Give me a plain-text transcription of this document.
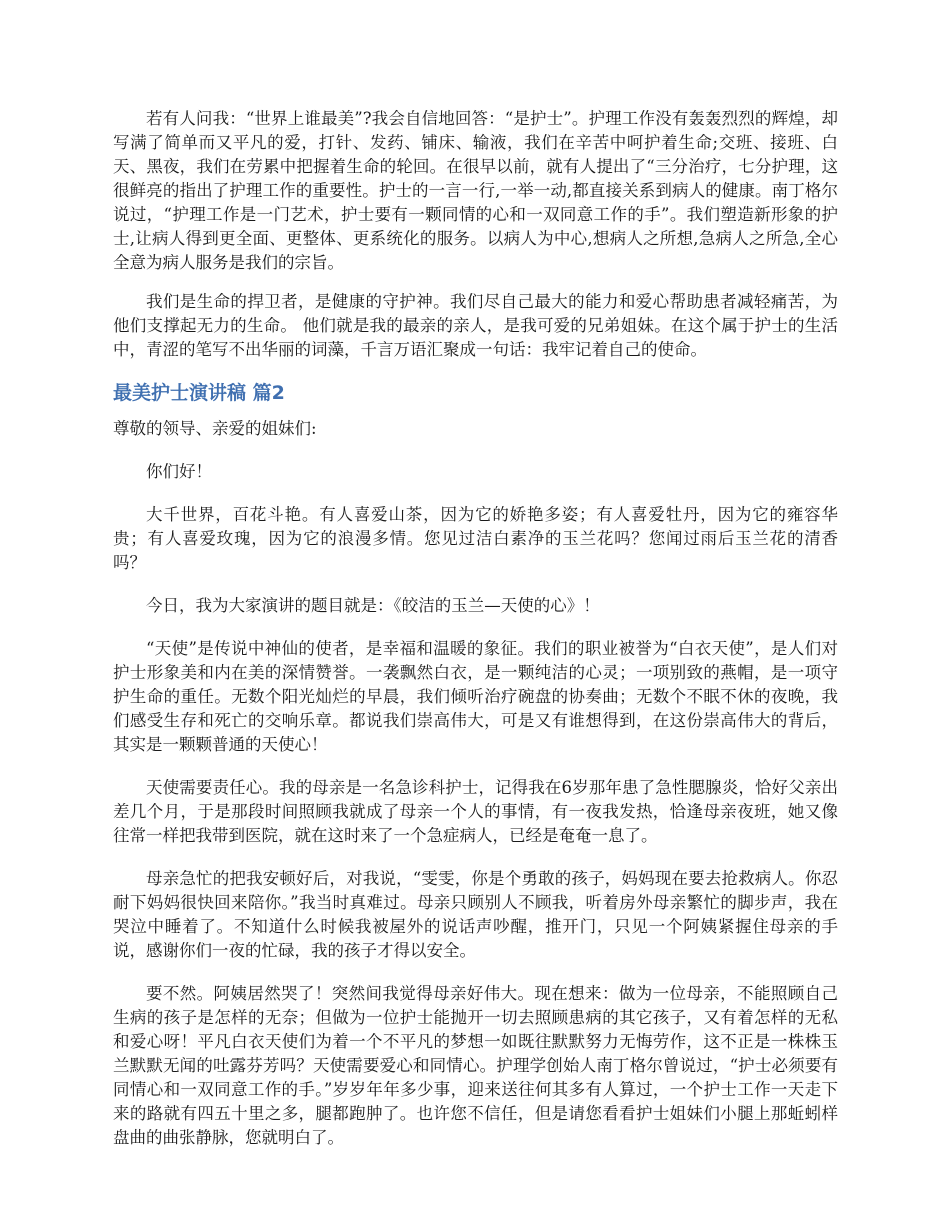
若有人问我：“世界上谁最美”?我会自信地回答：“是护士”。护理工作没有轰轰烈烈的辉煌，却写满了简单而又平凡的爱，打针、发药、铺床、输液，我们在辛苦中呵护着生命;交班、接班、白天、黑夜，我们在劳累中把握着生命的轮回。在很早以前，就有人提出了“三分治疗，七分护理，这很鲜亮的指出了护理工作的重要性。护士的一言一行,一举一动,都直接关系到病人的健康。南丁格尔说过，“护理工作是一门艺术，护士要有一颗同情的心和一双同意工作的手”。我们塑造新形象的护士,让病人得到更全面、更整体、更系统化的服务。以病人为中心,想病人之所想,急病人之所急,全心全意为病人服务是我们的宗旨。

我们是生命的捍卫者，是健康的守护神。我们尽自己最大的能力和爱心帮助患者减轻痛苦，为他们支撑起无力的生命。 他们就是我的最亲的亲人，是我可爱的兄弟姐妹。在这个属于护士的生活中，青涩的笔写不出华丽的词藻，千言万语汇聚成一句话：我牢记着自己的使命。

最美护士演讲稿 篇2

尊敬的领导、亲爱的姐妹们:

你们好！

大千世界，百花斗艳。有人喜爱山茶，因为它的娇艳多姿；有人喜爱牡丹，因为它的雍容华贵；有人喜爱玫瑰，因为它的浪漫多情。您见过洁白素净的玉兰花吗？您闻过雨后玉兰花的清香吗？

今日，我为大家演讲的题目就是：《皎洁的玉兰—天使的心》！

“天使”是传说中神仙的使者，是幸福和温暖的象征。我们的职业被誉为“白衣天使”，是人们对护士形象美和内在美的深情赞誉。一袭飘然白衣，是一颗纯洁的心灵；一项别致的燕帽，是一项守护生命的重任。无数个阳光灿烂的早晨，我们倾听治疗碗盘的协奏曲；无数个不眠不休的夜晚，我们感受生存和死亡的交响乐章。都说我们崇高伟大，可是又有谁想得到，在这份崇高伟大的背后，其实是一颗颗普通的天使心！

天使需要责任心。我的母亲是一名急诊科护士，记得我在6岁那年患了急性腮腺炎，恰好父亲出差几个月，于是那段时间照顾我就成了母亲一个人的事情，有一夜我发热，恰逢母亲夜班，她又像往常一样把我带到医院，就在这时来了一个急症病人，已经是奄奄一息了。

母亲急忙的把我安顿好后，对我说，“雯雯，你是个勇敢的孩子，妈妈现在要去抢救病人。你忍耐下妈妈很快回来陪你。”我当时真难过。母亲只顾别人不顾我，听着房外母亲繁忙的脚步声，我在哭泣中睡着了。不知道什么时候我被屋外的说话声吵醒，推开门，只见一个阿姨紧握住母亲的手说，感谢你们一夜的忙碌，我的孩子才得以安全。

要不然。阿姨居然哭了！突然间我觉得母亲好伟大。现在想来：做为一位母亲，不能照顾自己生病的孩子是怎样的无奈；但做为一位护士能抛开一切去照顾患病的其它孩子，又有着怎样的无私和爱心呀！平凡白衣天使们为着一个不平凡的梦想一如既往默默努力无悔劳作，这不正是一株株玉兰默默无闻的吐露芬芳吗？天使需要爱心和同情心。护理学创始人南丁格尔曾说过，“护士必须要有同情心和一双同意工作的手。”岁岁年年多少事，迎来送往何其多有人算过，一个护士工作一天走下来的路就有四五十里之多，腿都跑肿了。也许您不信任，但是请您看看护士姐妹们小腿上那蚯蚓样盘曲的曲张静脉，您就明白了。
